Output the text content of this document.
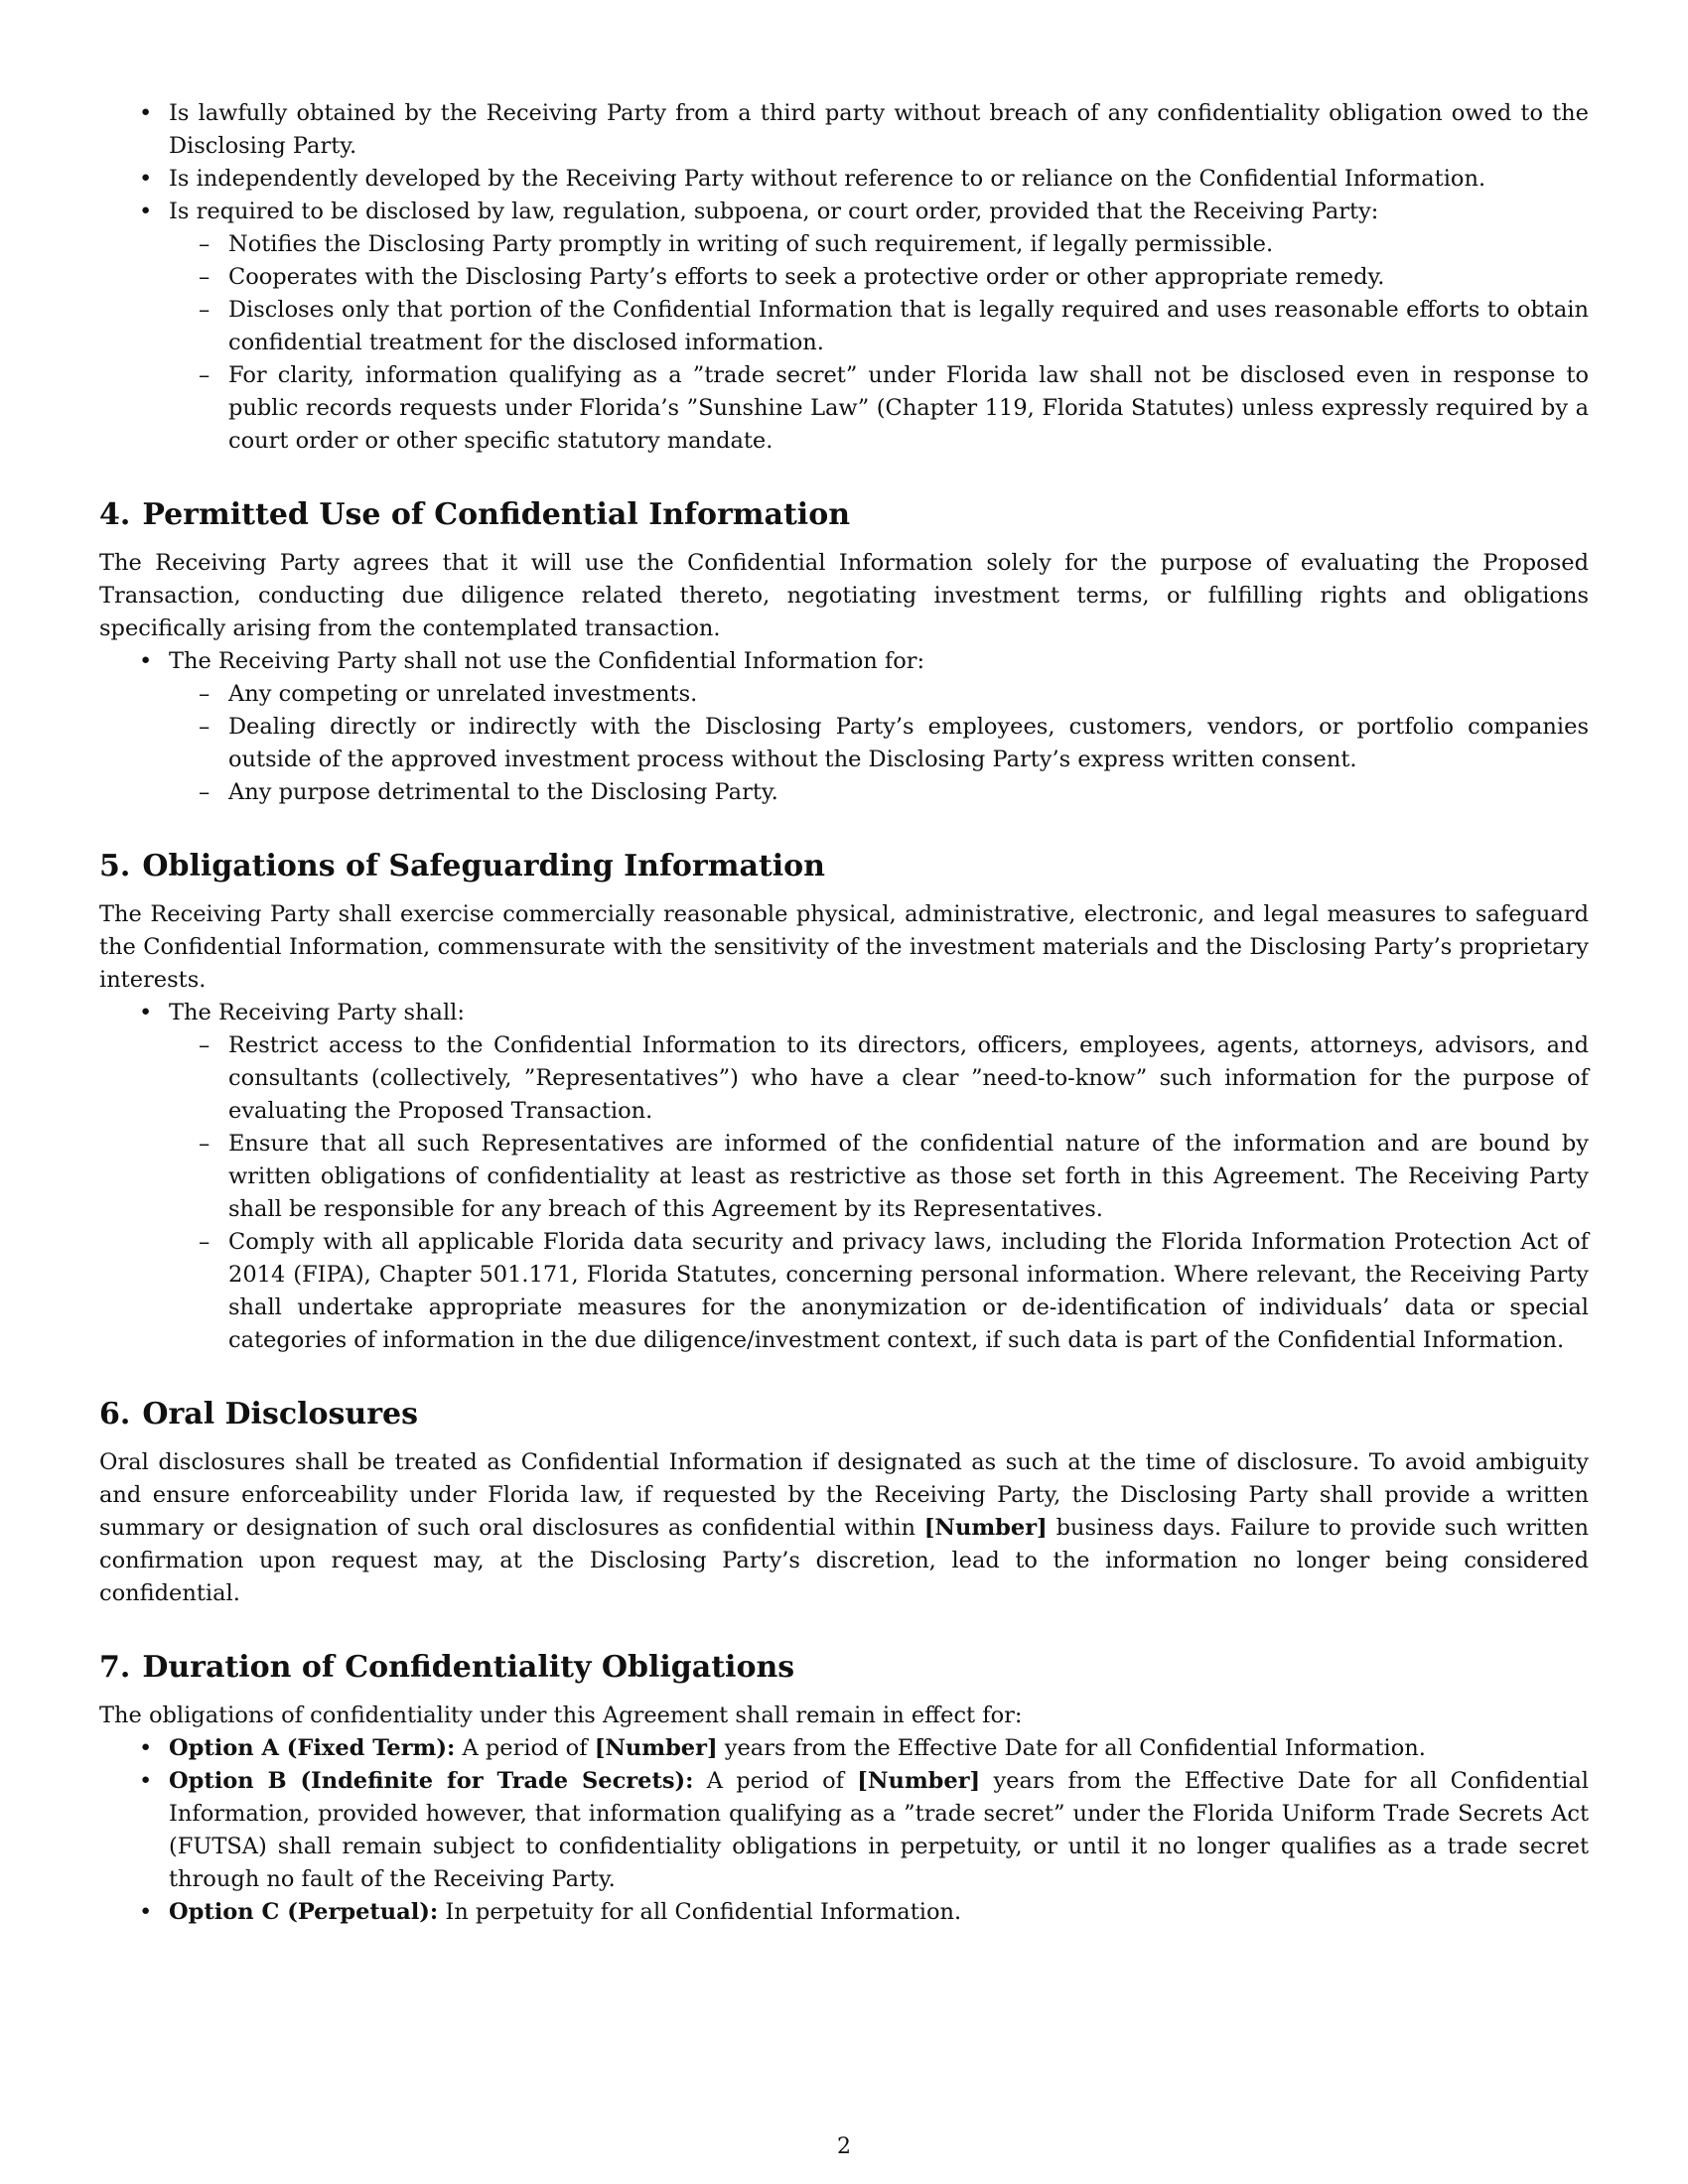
• Is lawfully obtained by the Receiving Party from a third party without breach of any confidentiality obligation owed to the Disclosing Party.
• Is independently developed by the Receiving Party without reference to or reliance on the Confidential Information.
• Is required to be disclosed by law, regulation, subpoena, or court order, provided that the Receiving Party:
– Notifies the Disclosing Party promptly in writing of such requirement, if legally permissible.
– Cooperates with the Disclosing Party’s efforts to seek a protective order or other appropriate remedy.
– Discloses only that portion of the Confidential Information that is legally required and uses reasonable efforts to obtain confidential treatment for the disclosed information.
– For clarity, information qualifying as a ”trade secret” under Florida law shall not be disclosed even in response to public records requests under Florida’s ”Sunshine Law” (Chapter 119, Florida Statutes) unless expressly required by a court order or other specific statutory mandate.
4. Permitted Use of Confidential Information

The Receiving Party agrees that it will use the Confidential Information solely for the purpose of evaluating the Proposed Transaction, conducting due diligence related thereto, negotiating investment terms, or fulfilling rights and obligations specifically arising from the contemplated transaction.

• The Receiving Party shall not use the Confidential Information for:
– Any competing or unrelated investments.
– Dealing directly or indirectly with the Disclosing Party’s employees, customers, vendors, or portfolio companies outside of the approved investment process without the Disclosing Party’s express written consent.
– Any purpose detrimental to the Disclosing Party.
5. Obligations of Safeguarding Information

The Receiving Party shall exercise commercially reasonable physical, administrative, electronic, and legal measures to safeguard the Confidential Information, commensurate with the sensitivity of the investment materials and the Disclosing Party’s proprietary interests.

• The Receiving Party shall:
– Restrict access to the Confidential Information to its directors, officers, employees, agents, attorneys, advisors, and consultants (collectively, ”Representatives”) who have a clear ”need-to-know” such information for the purpose of evaluating the Proposed Transaction.
– Ensure that all such Representatives are informed of the confidential nature of the information and are bound by written obligations of confidentiality at least as restrictive as those set forth in this Agreement. The Receiving Party shall be responsible for any breach of this Agreement by its Representatives.
– Comply with all applicable Florida data security and privacy laws, including the Florida Information Protection Act of 2014 (FIPA), Chapter 501.171, Florida Statutes, concerning personal information. Where relevant, the Receiving Party shall undertake appropriate measures for the anonymization or de-identification of individuals’ data or special categories of information in the due diligence/investment context, if such data is part of the Confidential Information.
6. Oral Disclosures

Oral disclosures shall be treated as Confidential Information if designated as such at the time of disclosure. To avoid ambiguity and ensure enforceability under Florida law, if requested by the Receiving Party, the Disclosing Party shall provide a written summary or designation of such oral disclosures as confidential within [Number] business days. Failure to provide such written confirmation upon request may, at the Disclosing Party’s discretion, lead to the information no longer being considered confidential.

7. Duration of Confidentiality Obligations

The obligations of confidentiality under this Agreement shall remain in effect for:

• Option A (Fixed Term): A period of [Number] years from the Effective Date for all Confidential Information.
• Option B (Indefinite for Trade Secrets): A period of [Number] years from the Effective Date for all Confidential Information, provided however, that information qualifying as a ”trade secret” under the Florida Uniform Trade Secrets Act (FUTSA) shall remain subject to confidentiality obligations in perpetuity, or until it no longer qualifies as a trade secret through no fault of the Receiving Party.
• Option C (Perpetual): In perpetuity for all Confidential Information.
2
